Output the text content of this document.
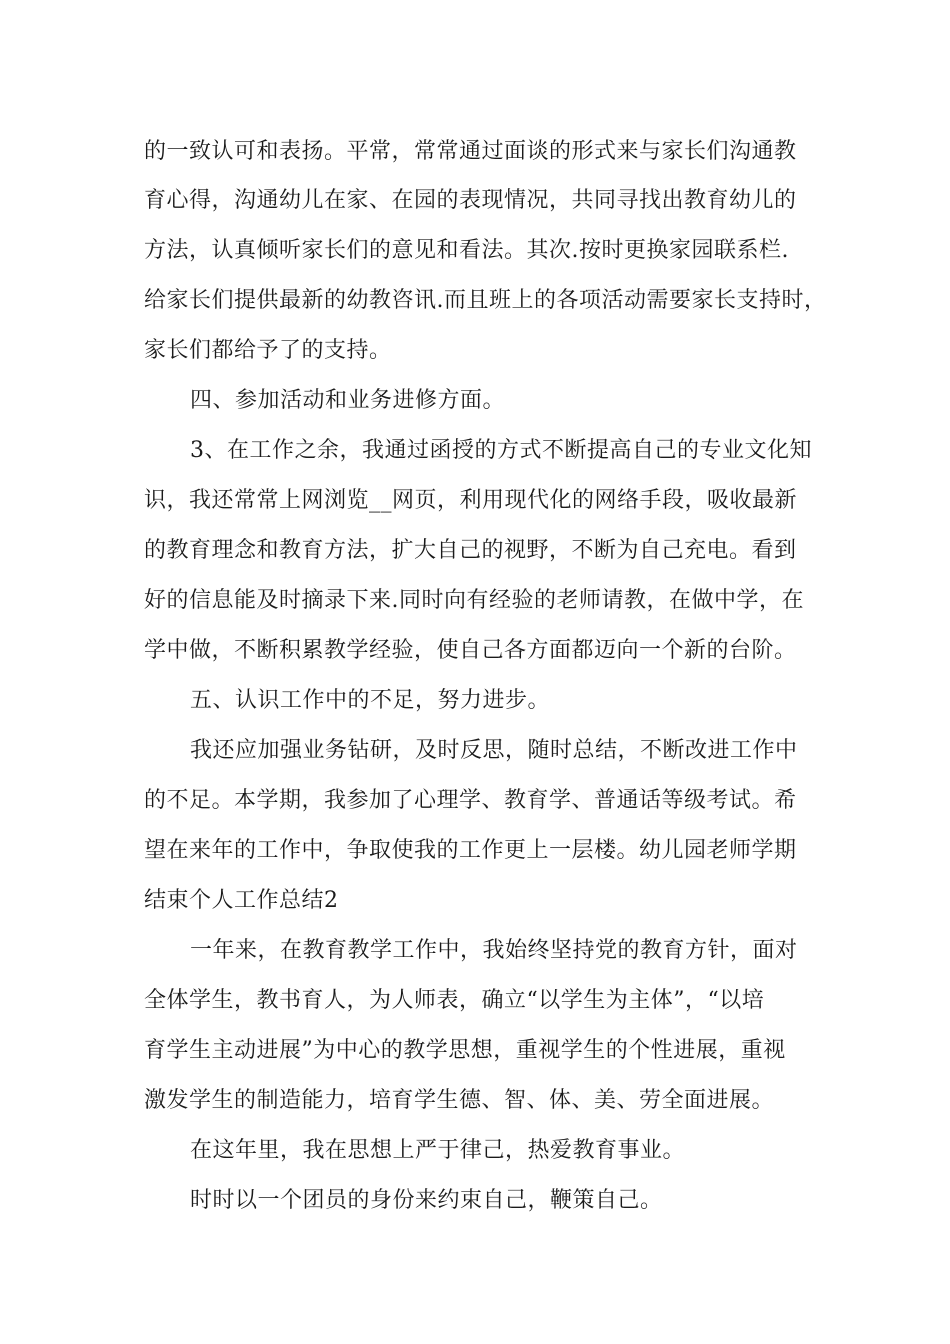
的一致认可和表扬。平常，常常通过面谈的形式来与家长们沟通教
育心得，沟通幼儿在家、在园的表现情况，共同寻找出教育幼儿的
方法，认真倾听家长们的意见和看法。其次.按时更换家园联系栏.
给家长们提供最新的幼教咨讯.而且班上的各项活动需要家长支持时，
家长们都给予了的支持。
四、参加活动和业务进修方面。
3、在工作之余，我通过函授的方式不断提高自己的专业文化知
识，我还常常上网浏览__网页，利用现代化的网络手段，吸收最新
的教育理念和教育方法，扩大自己的视野，不断为自己充电。看到
好的信息能及时摘录下来.同时向有经验的老师请教，在做中学，在
学中做，不断积累教学经验，使自己各方面都迈向一个新的台阶。
五、认识工作中的不足，努力进步。
我还应加强业务钻研，及时反思，随时总结，不断改进工作中
的不足。本学期，我参加了心理学、教育学、普通话等级考试。希
望在来年的工作中，争取使我的工作更上一层楼。幼儿园老师学期
结束个人工作总结2
一年来，在教育教学工作中，我始终坚持党的教育方针，面对
全体学生，教书育人，为人师表，确立“以学生为主体”，“以培
育学生主动进展”为中心的教学思想，重视学生的个性进展，重视
激发学生的制造能力，培育学生德、智、体、美、劳全面进展。
在这年里，我在思想上严于律己，热爱教育事业。
时时以一个团员的身份来约束自己，鞭策自己。
